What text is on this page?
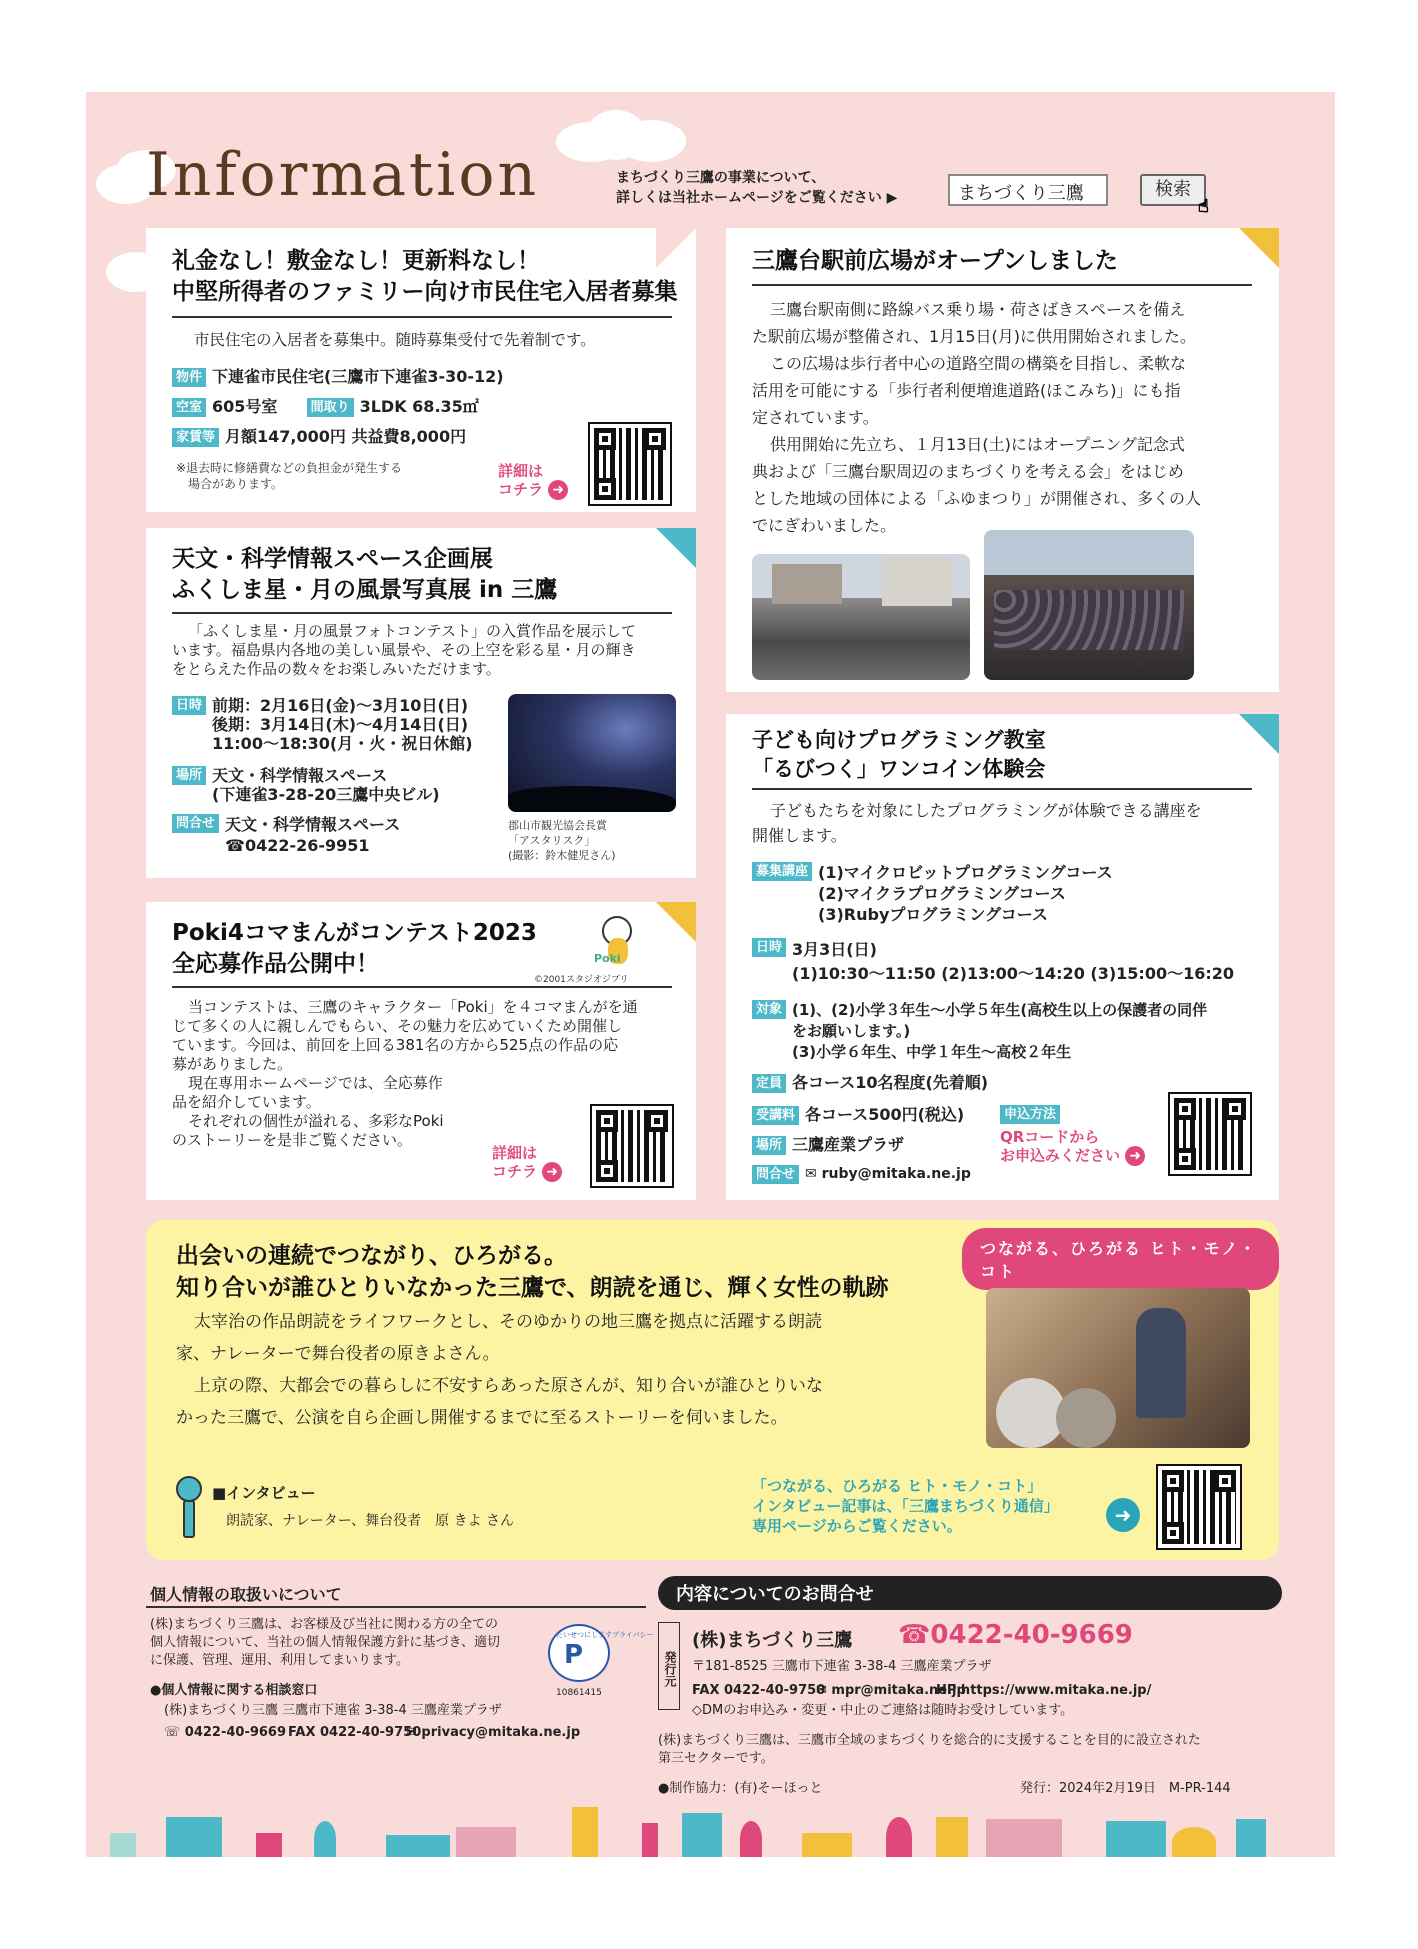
Information	まちづくり三鷹の事業について、
詳しくは当社ホームページをご覧ください ▶	まちづくり三鷹	検索
☝
礼金なし！敷金なし！更新料なし！
中堅所得者のファミリー向け市民住宅入居者募集
市民住宅の入居者を募集中。随時募集受付で先着制です。
物件 下連雀市民住宅(三鷹市下連雀3-30-12)
空室 605号室	間取り 3LDK 68.35㎡
家賃等 月額147,000円 共益費8,000円
※退去時に修繕費などの負担金が発生する
場合があります。
詳細は
コチラ ➜
天文・科学情報スペース企画展
ふくしま星・月の風景写真展 in 三鷹
「ふくしま星・月の風景フォトコンテスト」の入賞作品を展示して
います。福島県内各地の美しい風景や、その上空を彩る星・月の輝き
をとらえた作品の数々をお楽しみいただけます。
日時 前期：2月16日(金)～3月10日(日)
後期：3月14日(木)～4月14日(日)
11:00～18:30(月・火・祝日休館)
場所 天文・科学情報スペース
(下連雀3-28-20三鷹中央ビル)
問合せ 天文・科学情報スペース
☎0422-26-9951
郡山市観光協会長賞
「アスタリスク」
(撮影：鈴木健児さん)
Poki4コマまんがコンテスト2023
全応募作品公開中！	Poki
©2001スタジオジブリ
当コンテストは、三鷹のキャラクター「Poki」を４コマまんがを通
じて多くの人に親しんでもらい、その魅力を広めていくため開催し
ています。今回は、前回を上回る381名の方から525点の作品の応
募がありました。
現在専用ホームページでは、全応募作
品を紹介しています。
それぞれの個性が溢れる、多彩なPoki
のストーリーを是非ご覧ください。
詳細は
コチラ ➜
三鷹台駅前広場がオープンしました
三鷹台駅南側に路線バス乗り場・荷さばきスペースを備え
た駅前広場が整備され、1月15日(月)に供用開始されました。
この広場は歩行者中心の道路空間の構築を目指し、柔軟な
活用を可能にする「歩行者利便増進道路(ほこみち)」にも指
定されています。
供用開始に先立ち、１月13日(土)にはオープニング記念式
典および「三鷹台駅周辺のまちづくりを考える会」をはじめ
とした地域の団体による「ふゆまつり」が開催され、多くの人
でにぎわいました。
子ども向けプログラミング教室
「るびつく」ワンコイン体験会
子どもたちを対象にしたプログラミングが体験できる講座を
開催します。
募集講座 (1)マイクロビットプログラミングコース
(2)マイクラプログラミングコース
(3)Rubyプログラミングコース
日時 3月3日(日)
(1)10:30～11:50 (2)13:00～14:20 (3)15:00～16:20
対象 (1)、(2)小学３年生～小学５年生(高校生以上の保護者の同伴
をお願いします。)
(3)小学６年生、中学１年生～高校２年生
定員 各コース10名程度(先着順)
受講料 各コース500円(税込)
場所 三鷹産業プラザ
問合せ ✉ ruby@mitaka.ne.jp
申込方法
QRコードから
お申込みください ➜
つながる、ひろがる ヒト・モノ・コト
出会いの連続でつながり、ひろがる。
知り合いが誰ひとりいなかった三鷹で、朗読を通じ、輝く女性の軌跡
太宰治の作品朗読をライフワークとし、そのゆかりの地三鷹を拠点に活躍する朗読
家、ナレーターで舞台役者の原きよさん。
上京の際、大都会での暮らしに不安すらあった原さんが、知り合いが誰ひとりいな
かった三鷹で、公演を自ら企画し開催するまでに至るストーリーを伺いました。
■インタビュー
朗読家、ナレーター、舞台役者　原 きよ さん
「つながる、ひろがる ヒト・モノ・コト」
インタビュー記事は、「三鷹まちづくり通信」
専用ページからご覧ください。	➜
個人情報の取扱いについて
(株)まちづくり三鷹は、お客様及び当社に関わる方の全ての
個人情報について、当社の個人情報保護方針に基づき、適切
に保護、管理、運用、利用してまいります。
たいせつにしますプライバシー
P
10861415
●個人情報に関する相談窓口
(株)まちづくり三鷹 三鷹市下連雀 3-38-4 三鷹産業プラザ
☏ 0422-40-9669 FAX 0422-40-9750
✉ privacy@mitaka.ne.jp
内容についてのお問合せ
発行元
(株)まちづくり三鷹 ☎0422-40-9669
〒181-8525 三鷹市下連雀 3-38-4 三鷹産業プラザ
FAX 0422-40-9750
✉ mpr@mitaka.ne.jp
HP https://www.mitaka.ne.jp/
◇DMのお申込み・変更・中止のご連絡は随時お受けしています。
(株)まちづくり三鷹は、三鷹市全域のまちづくりを総合的に支援することを目的に設立された
第三セクターです。
●制作協力：(有)そーほっと	発行：2024年2月19日　M-PR-144
